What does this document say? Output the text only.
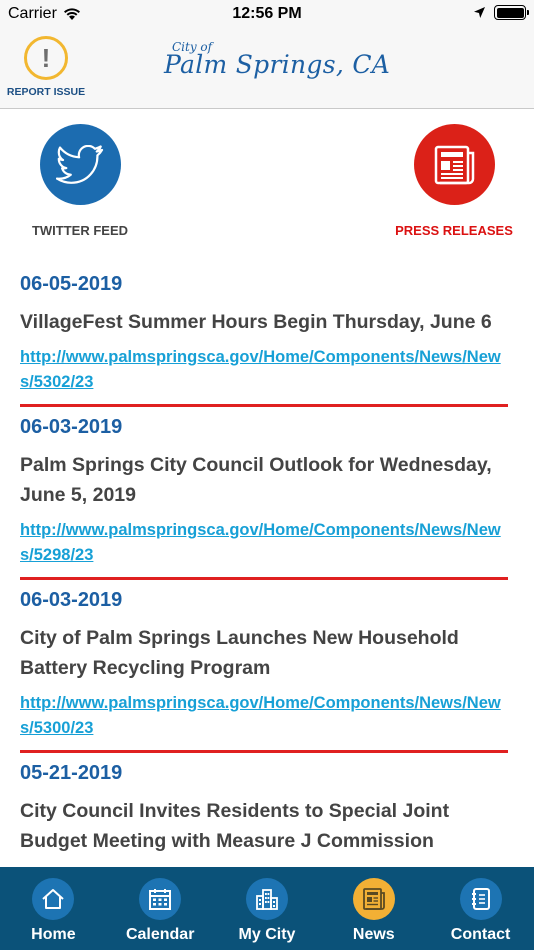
Carrier	12:56 PM
!
REPORT ISSUE
City of
Palm Springs, CA
TWITTER FEED	PRESS RELEASES
06-05-2019
VillageFest Summer Hours Begin Thursday, June 6
http://www.palmspringsca.gov/Home/Components/News/News/5302/23
06-03-2019
Palm Springs City Council Outlook for Wednesday, June 5, 2019
http://www.palmspringsca.gov/Home/Components/News/News/5298/23
06-03-2019
City of Palm Springs Launches New Household Battery Recycling Program
http://www.palmspringsca.gov/Home/Components/News/News/5300/23
05-21-2019
City Council Invites Residents to Special Joint Budget Meeting with Measure J Commission
Home	Calendar	My City	News	Contact
